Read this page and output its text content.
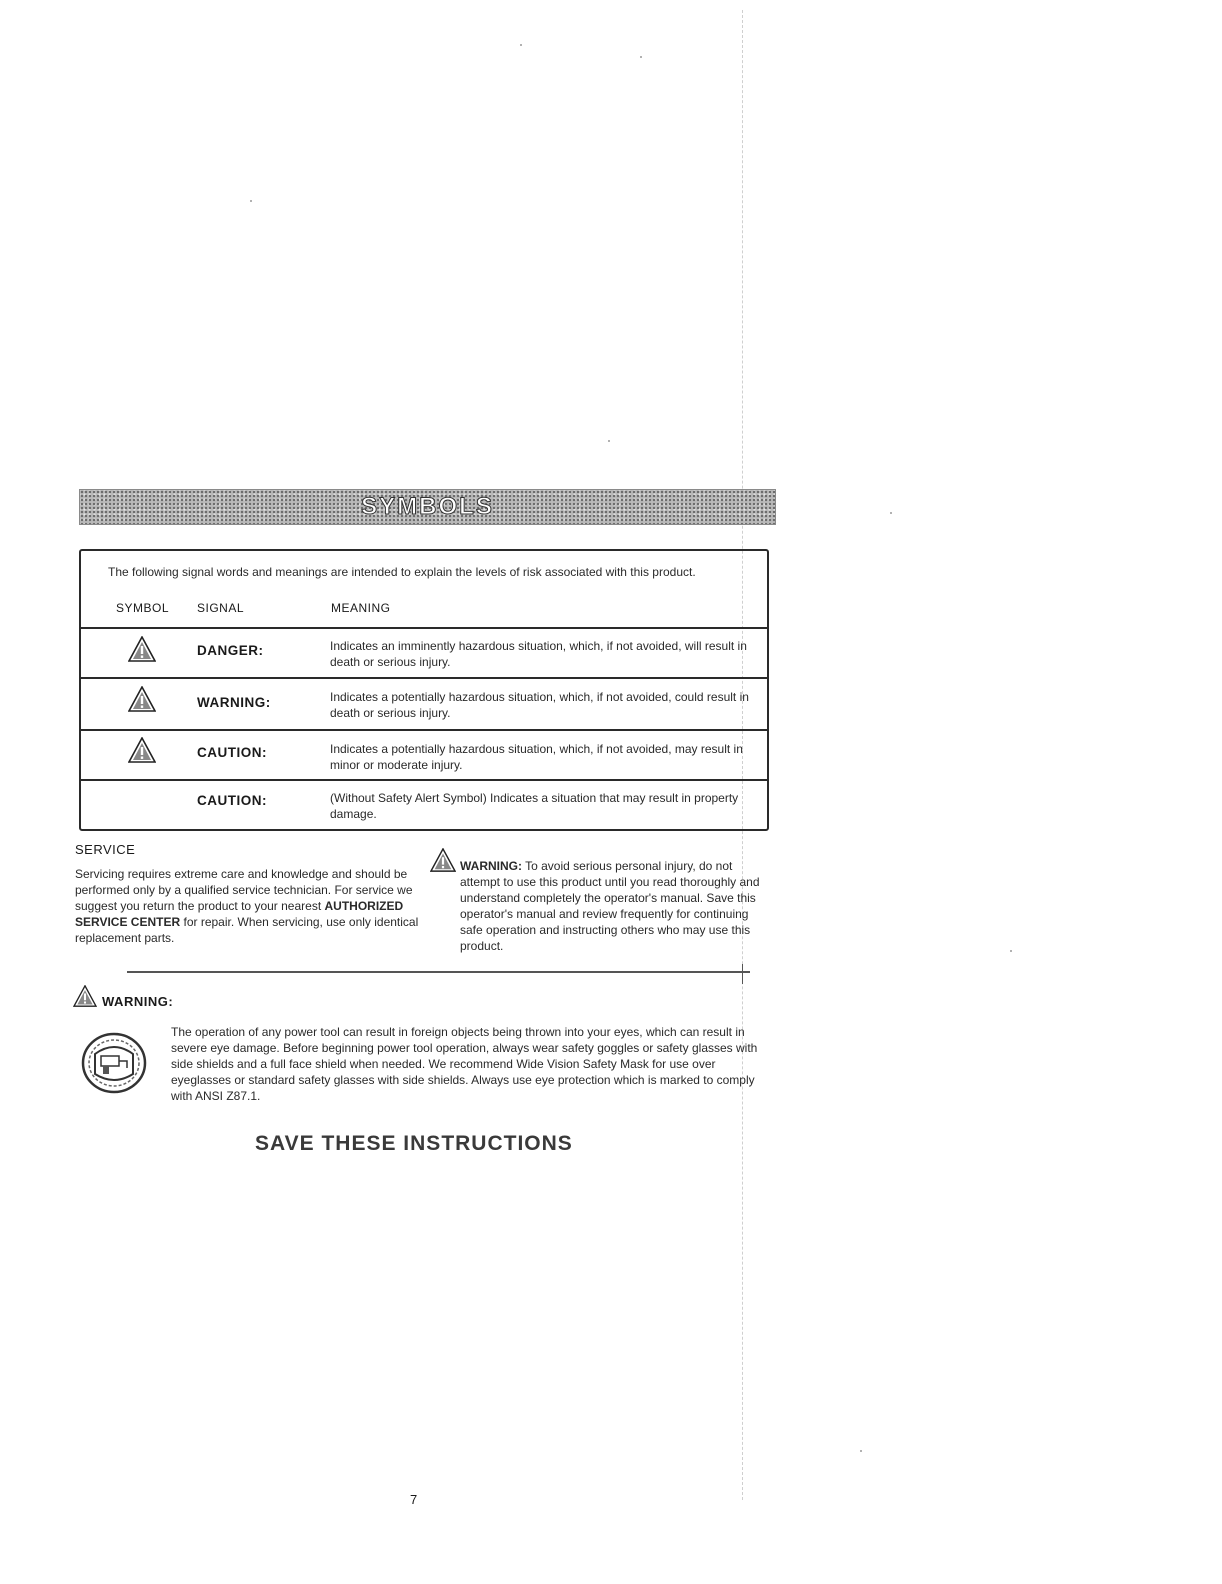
SYMBOLS
The following signal words and meanings are intended to explain the levels of risk associated with this product.
SYMBOL SIGNAL	MEANING
DANGER:	Indicates an imminently hazardous situation, which, if not avoided, will result in death or serious injury.
WARNING:	Indicates a potentially hazardous situation, which, if not avoided, could result in death or serious injury.
CAUTION:	Indicates a potentially hazardous situation, which, if not avoided, may result in minor or moderate injury.
CAUTION:	(Without Safety Alert Symbol) Indicates a situation that may result in property damage.
SERVICE
Servicing requires extreme care and knowledge and should be performed only by a qualified service technician. For service we suggest you return the product to your nearest AUTHORIZED SERVICE CENTER for repair. When servicing, use only identical replacement parts.
WARNING: To avoid serious personal injury, do not attempt to use this product until you read thoroughly and understand completely the operator's manual. Save this operator's manual and review frequently for continuing safe operation and instructing others who may use this product.
WARNING:
The operation of any power tool can result in foreign objects being thrown into your eyes, which can result in severe eye damage. Before beginning power tool operation, always wear safety goggles or safety glasses with side shields and a full face shield when needed. We recommend Wide Vision Safety Mask for use over eyeglasses or standard safety glasses with side shields. Always use eye protection which is marked to comply with ANSI Z87.1.
SAVE THESE INSTRUCTIONS
7
